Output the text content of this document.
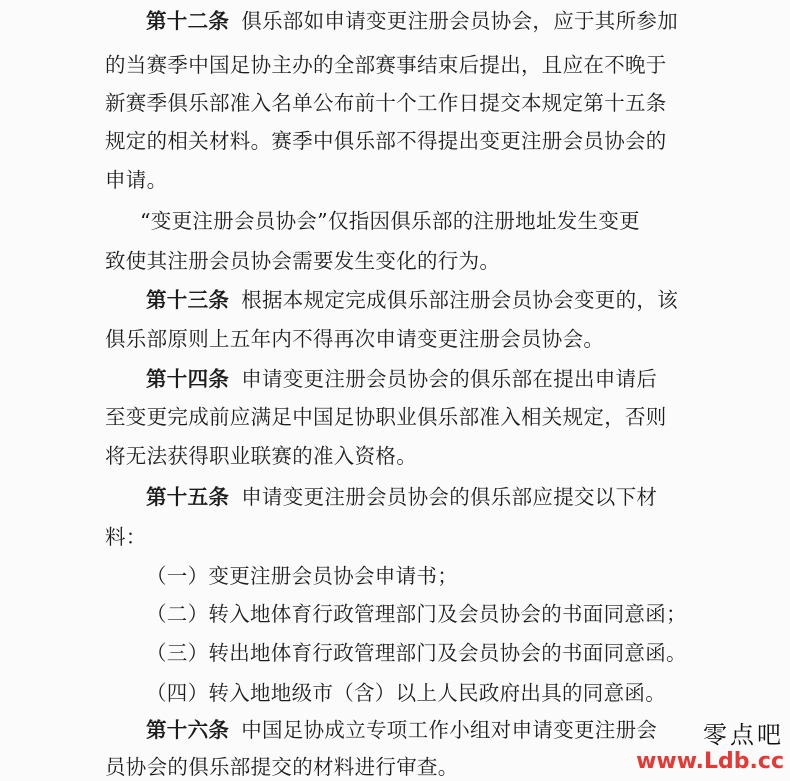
第十二条 俱乐部如申请变更注册会员协会，应于其所参加
的当赛季中国足协主办的全部赛事结束后提出，且应在不晚于
新赛季俱乐部准入名单公布前十个工作日提交本规定第十五条
规定的相关材料。赛季中俱乐部不得提出变更注册会员协会的
申请。
“变更注册会员协会”仅指因俱乐部的注册地址发生变更
致使其注册会员协会需要发生变化的行为。
第十三条 根据本规定完成俱乐部注册会员协会变更的，该
俱乐部原则上五年内不得再次申请变更注册会员协会。
第十四条 申请变更注册会员协会的俱乐部在提出申请后
至变更完成前应满足中国足协职业俱乐部准入相关规定，否则
将无法获得职业联赛的准入资格。
第十五条 申请变更注册会员协会的俱乐部应提交以下材
料：
（一）变更注册会员协会申请书；
（二）转入地体育行政管理部门及会员协会的书面同意函；
（三）转出地体育行政管理部门及会员协会的书面同意函。
（四）转入地地级市（含）以上人民政府出具的同意函。
第十六条 中国足协成立专项工作小组对申请变更注册会
员协会的俱乐部提交的材料进行审查。
零点吧
www.Ldb.cc
